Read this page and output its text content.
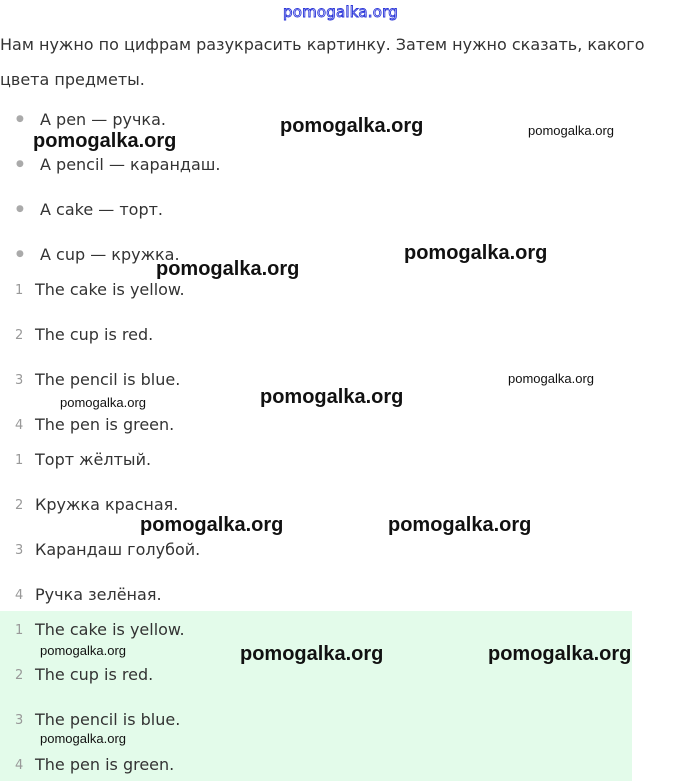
pomogalka.org
Нам нужно по цифрам разукрасить картинку. Затем нужно сказать, какого
цвета предметы.
● A pen — ручка.
● A pencil — карандаш.
● A cake — торт.
● A cup — кружка.
1 The cake is yellow.
2 The cup is red.
3 The pencil is blue.
4 The pen is green.
1 Торт жёлтый.
2 Кружка красная.
3 Карандаш голубой.
4 Ручка зелёная.
1 The cake is yellow.
2 The cup is red.
3 The pencil is blue.
4 The pen is green.
pomogalka.org	pomogalka.org
pomogalka.org
pomogalka.org
pomogalka.org
pomogalka.org
pomogalka.org
pomogalka.org
pomogalka.org	pomogalka.org
pomogalka.org	pomogalka.org	pomogalka.org
pomogalka.org
